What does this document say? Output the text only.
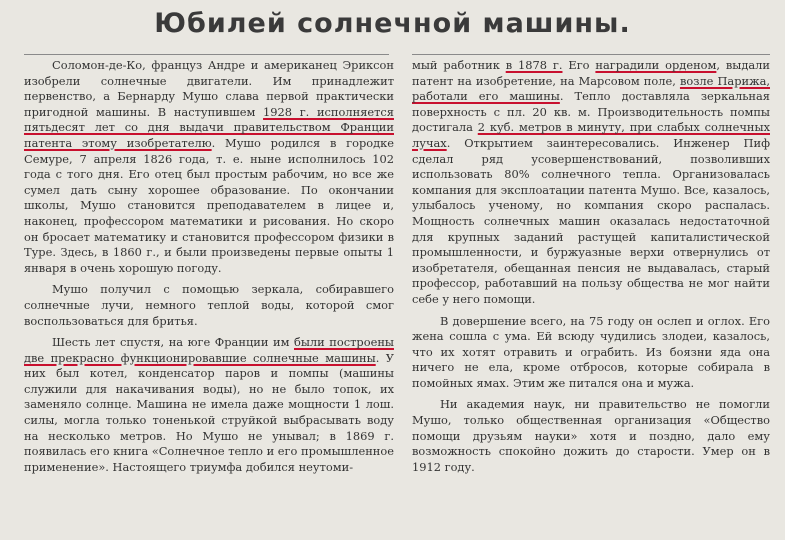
Юбилей солнечной машины.

Соломон-де-Ко, француз Андре и американец Эриксон изобрели солнечные двигатели. Им принадлежит первенство, а Бернарду Мушо слава первой практически пригодной машины. В наступившем 1928 г. исполняется пятьдесят лет со дня выдачи правительством Франции патента этому изобретателю. Мушо родился в городке Семуре, 7 апреля 1826 года, т. е. ныне исполнилось 102 года с того дня. Его отец был простым рабочим, но все же сумел дать сыну хорошее образование. По окончании школы, Мушо становится преподавателем в лицее и, наконец, профессором математики и рисования. Но скоро он бросает математику и становится профессором физики в Туре. Здесь, в 1860 г., и были произведены первые опыты 1 января в очень хорошую погоду.

Мушо получил с помощью зеркала, собиравшего солнечные лучи, немного теплой воды, которой смог воспользоваться для бритья.

Шесть лет спустя, на юге Франции им были построены две прекрасно функционировавшие солнечные машины. У них был котел, конденсатор паров и помпы (машины служили для накачивания воды), но не было топок, их заменяло солнце. Машина не имела даже мощности 1 лош. силы, могла только тоненькой струйкой выбрасывать воду на несколько метров. Но Мушо не унывал; в 1869 г. появилась его книга «Солнечное тепло и его промышленное применение». Настоящего триумфа добился неутоми-

мый работник в 1878 г. Его наградили орденом, выдали патент на изобретение, на Марсовом поле, возле Парижа, работали его машины. Тепло доставляла зеркальная поверхность с пл. 20 кв. м. Производительность помпы достигала 2 куб. метров в минуту, при слабых солнечных лучах. Открытием заинтересовались. Инженер Пиф сделал ряд усовершенствований, позволивших использовать 80% солнечного тепла. Организовалась компания для эксплоатации патента Мушо. Все, казалось, улыбалось ученому, но компания скоро распалась. Мощность солнечных машин оказалась недостаточной для крупных заданий растущей капиталистической промышленности, и буржуазные верхи отвернулись от изобретателя, обещанная пенсия не выдавалась, старый профессор, работавший на пользу общества не мог найти себе у него помощи.

В довершение всего, на 75 году он ослеп и оглох. Его жена сошла с ума. Ей всюду чудились злодеи, казалось, что их хотят отравить и ограбить. Из боязни яда она ничего не ела, кроме отбросов, которые собирала в помойных ямах. Этим же питался она и мужа.

Ни академия наук, ни правительство не помогли Мушо, только общественная организация «Общество помощи друзьям науки» хотя и поздно, дало ему возможность спокойно дожить до старости. Умер он в 1912 году.
